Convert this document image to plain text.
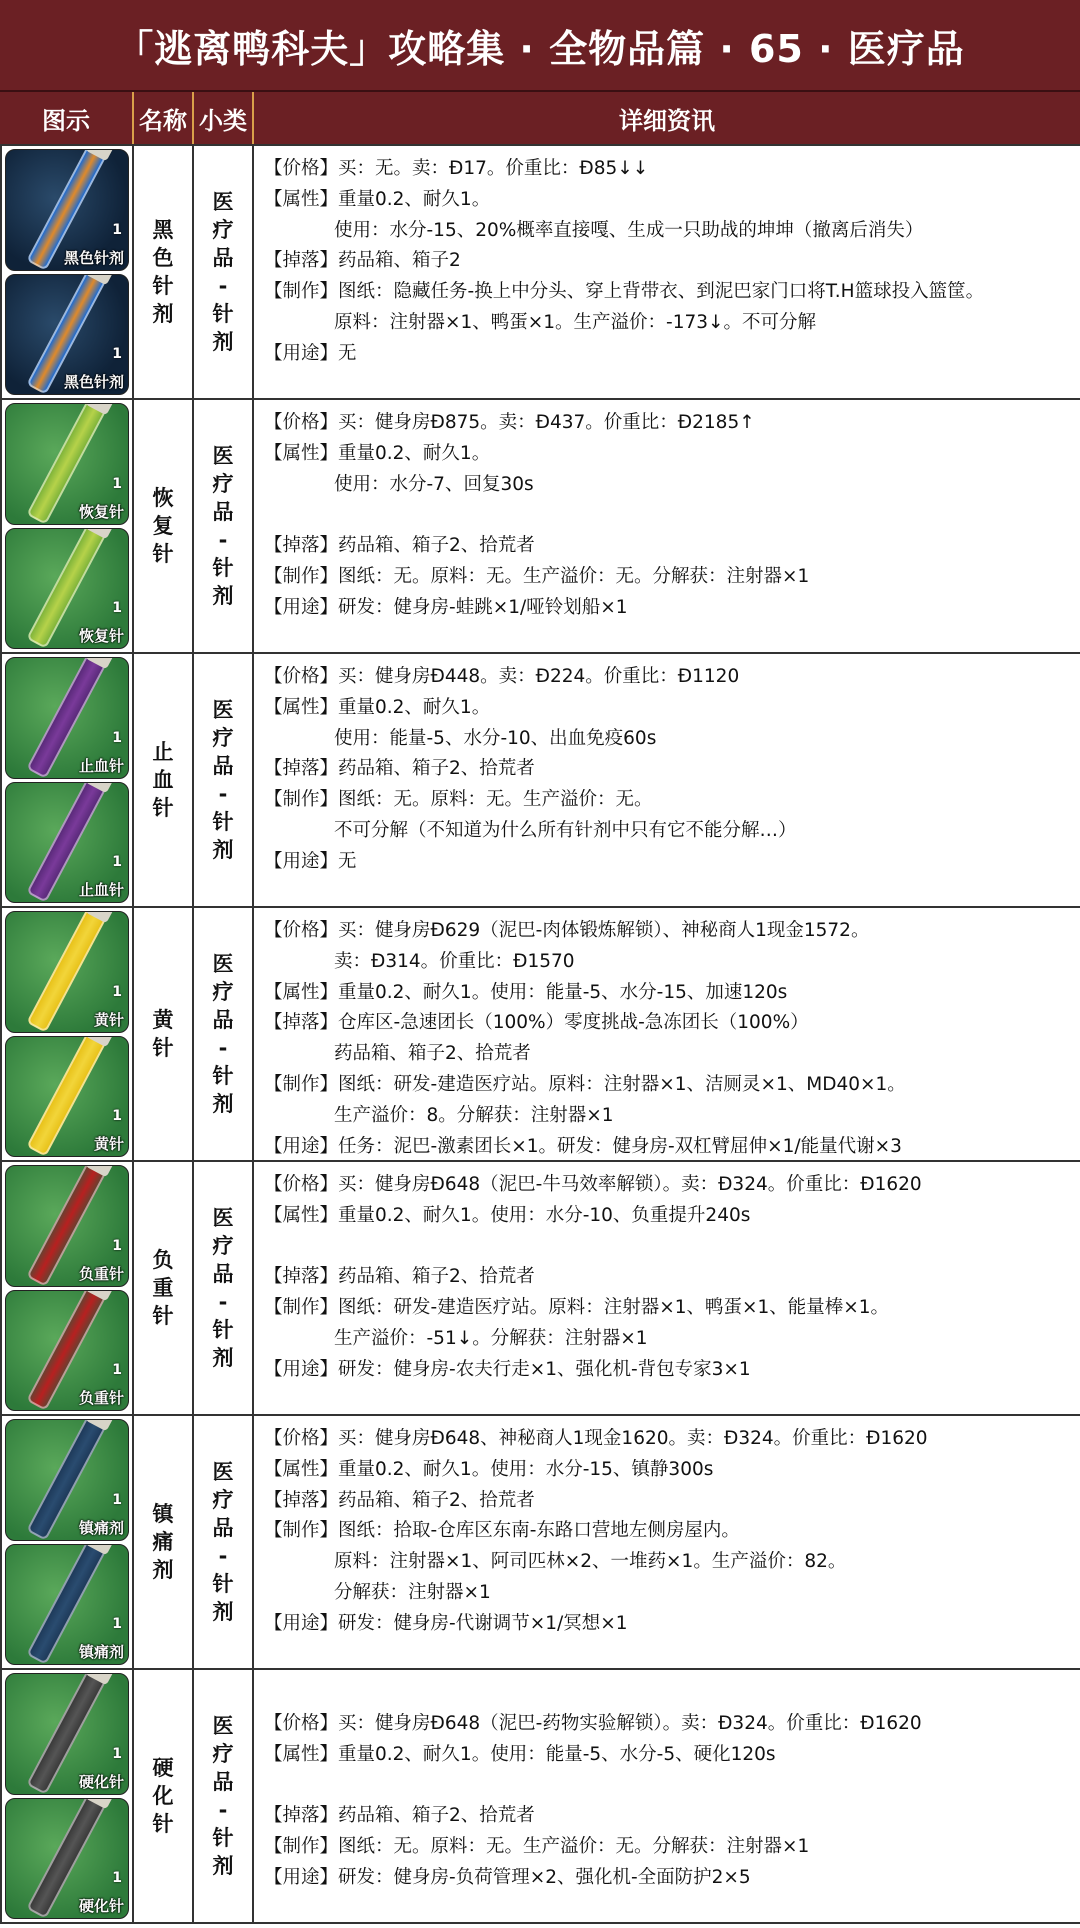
「逃离鸭科夫」攻略集 · 全物品篇 · 65 · 医疗品
图示	名称 小类	详细资讯
1
黑色针剂
1
黑色针剂
黑
色
针
剂
医
疗
品
-
针
剂
【价格】 买：无。卖：Đ17。价重比：Đ85↓↓
【属性】 重量0.2、耐久1。
使用：水分-15、20%概率直接嘎、生成一只助战的坤坤（撤离后消失）
【掉落】 药品箱、箱子2
【制作】 图纸：隐藏任务-换上中分头、穿上背带衣、到泥巴家门口将T.H篮球投入篮筐。
原料：注射器×1、鸭蛋×1。生产溢价：-173↓。不可分解
【用途】 无
1
恢复针
1
恢复针
恢
复
针
医
疗
品
-
针
剂
【价格】 买：健身房Đ875。卖：Đ437。价重比：Đ2185↑
【属性】 重量0.2、耐久1。
使用：水分-7、回复30s

【掉落】 药品箱、箱子2、拾荒者
【制作】 图纸：无。原料：无。生产溢价：无。分解获：注射器×1
【用途】 研发：健身房-蛙跳×1/哑铃划船×1
1
止血针
1
止血针
止
血
针
医
疗
品
-
针
剂
【价格】 买：健身房Đ448。卖：Đ224。价重比：Đ1120
【属性】 重量0.2、耐久1。
使用：能量-5、水分-10、出血免疫60s
【掉落】 药品箱、箱子2、拾荒者
【制作】 图纸：无。原料：无。生产溢价：无。
不可分解（不知道为什么所有针剂中只有它不能分解…）
【用途】 无
1
黄针
1
黄针
黄
针
医
疗
品
-
针
剂
【价格】 买：健身房Đ629（泥巴-肉体锻炼解锁）、神秘商人1现金1572。
卖：Đ314。价重比：Đ1570
【属性】 重量0.2、耐久1。使用：能量-5、水分-15、加速120s
【掉落】 仓库区-急速团长（100%）零度挑战-急冻团长（100%）
药品箱、箱子2、拾荒者
【制作】 图纸：研发-建造医疗站。原料：注射器×1、洁厕灵×1、MD40×1。
生产溢价：8。分解获：注射器×1
【用途】 任务：泥巴-激素团长×1。研发：健身房-双杠臂屈伸×1/能量代谢×3
1
负重针
1
负重针
负
重
针
医
疗
品
-
针
剂
【价格】 买：健身房Đ648（泥巴-牛马效率解锁）。卖：Đ324。价重比：Đ1620
【属性】 重量0.2、耐久1。使用：水分-10、负重提升240s

【掉落】 药品箱、箱子2、拾荒者
【制作】 图纸：研发-建造医疗站。原料：注射器×1、鸭蛋×1、能量棒×1。
生产溢价：-51↓。分解获：注射器×1
【用途】 研发：健身房-农夫行走×1、强化机-背包专家3×1
1
镇痛剂
1
镇痛剂
镇
痛
剂
医
疗
品
-
针
剂
【价格】 买：健身房Đ648、神秘商人1现金1620。卖：Đ324。价重比：Đ1620
【属性】 重量0.2、耐久1。使用：水分-15、镇静300s
【掉落】 药品箱、箱子2、拾荒者
【制作】 图纸：拾取-仓库区东南-东路口营地左侧房屋内。
原料：注射器×1、阿司匹林×2、一堆药×1。生产溢价：82。
分解获：注射器×1
【用途】 研发：健身房-代谢调节×1/冥想×1
1
硬化针
1
硬化针
硬
化
针
医
疗
品
-
针
剂

【价格】 买：健身房Đ648（泥巴-药物实验解锁）。卖：Đ324。价重比：Đ1620
【属性】 重量0.2、耐久1。使用：能量-5、水分-5、硬化120s

【掉落】 药品箱、箱子2、拾荒者
【制作】 图纸：无。原料：无。生产溢价：无。分解获：注射器×1
【用途】 研发：健身房-负荷管理×2、强化机-全面防护2×5
